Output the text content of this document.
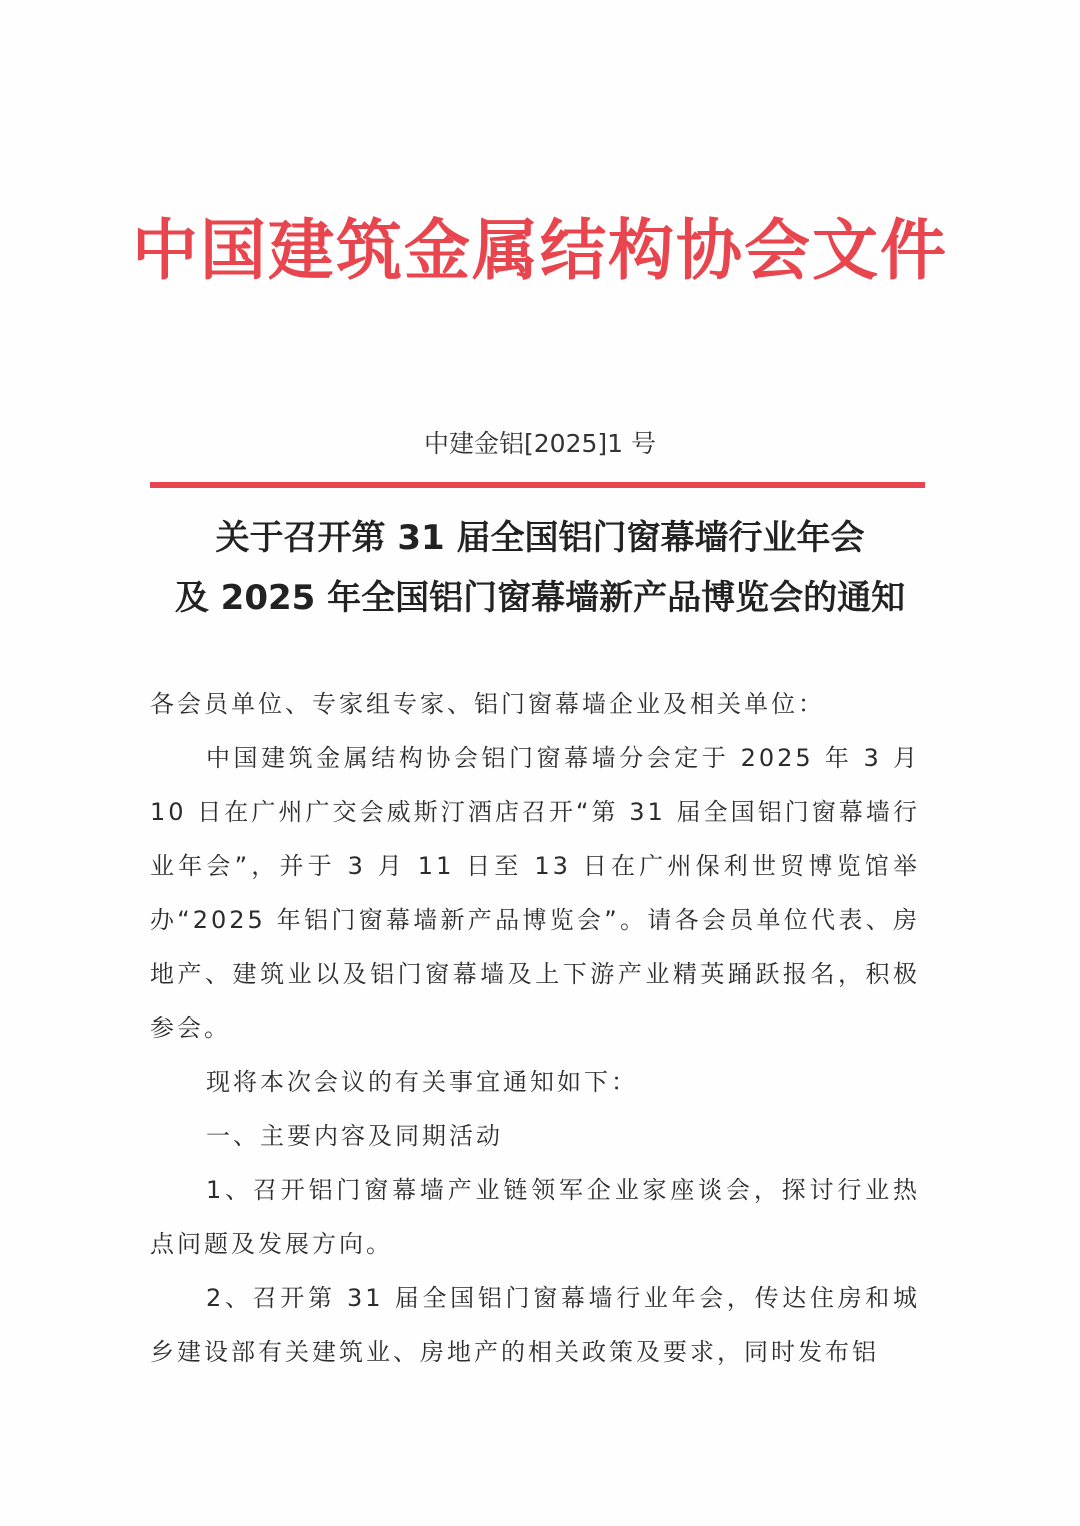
中国建筑金属结构协会文件
中建金铝[2025]1 号
关于召开第 31 届全国铝门窗幕墙行业年会
及 2025 年全国铝门窗幕墙新产品博览会的通知

各会员单位、专家组专家、铝门窗幕墙企业及相关单位：

中国建筑金属结构协会铝门窗幕墙分会定于 2025 年 3 月 10 日在广州广交会威斯汀酒店召开“第 31 届全国铝门窗幕墙行业年会”，并于 3 月 11 日至 13 日在广州保利世贸博览馆举办“2025 年铝门窗幕墙新产品博览会”。请各会员单位代表、房地产、建筑业以及铝门窗幕墙及上下游产业精英踊跃报名，积极参会。

现将本次会议的有关事宜通知如下：

一、主要内容及同期活动

1、召开铝门窗幕墙产业链领军企业家座谈会，探讨行业热点问题及发展方向。

2、召开第 31 届全国铝门窗幕墙行业年会，传达住房和城乡建设部有关建筑业、房地产的相关政策及要求，同时发布铝
